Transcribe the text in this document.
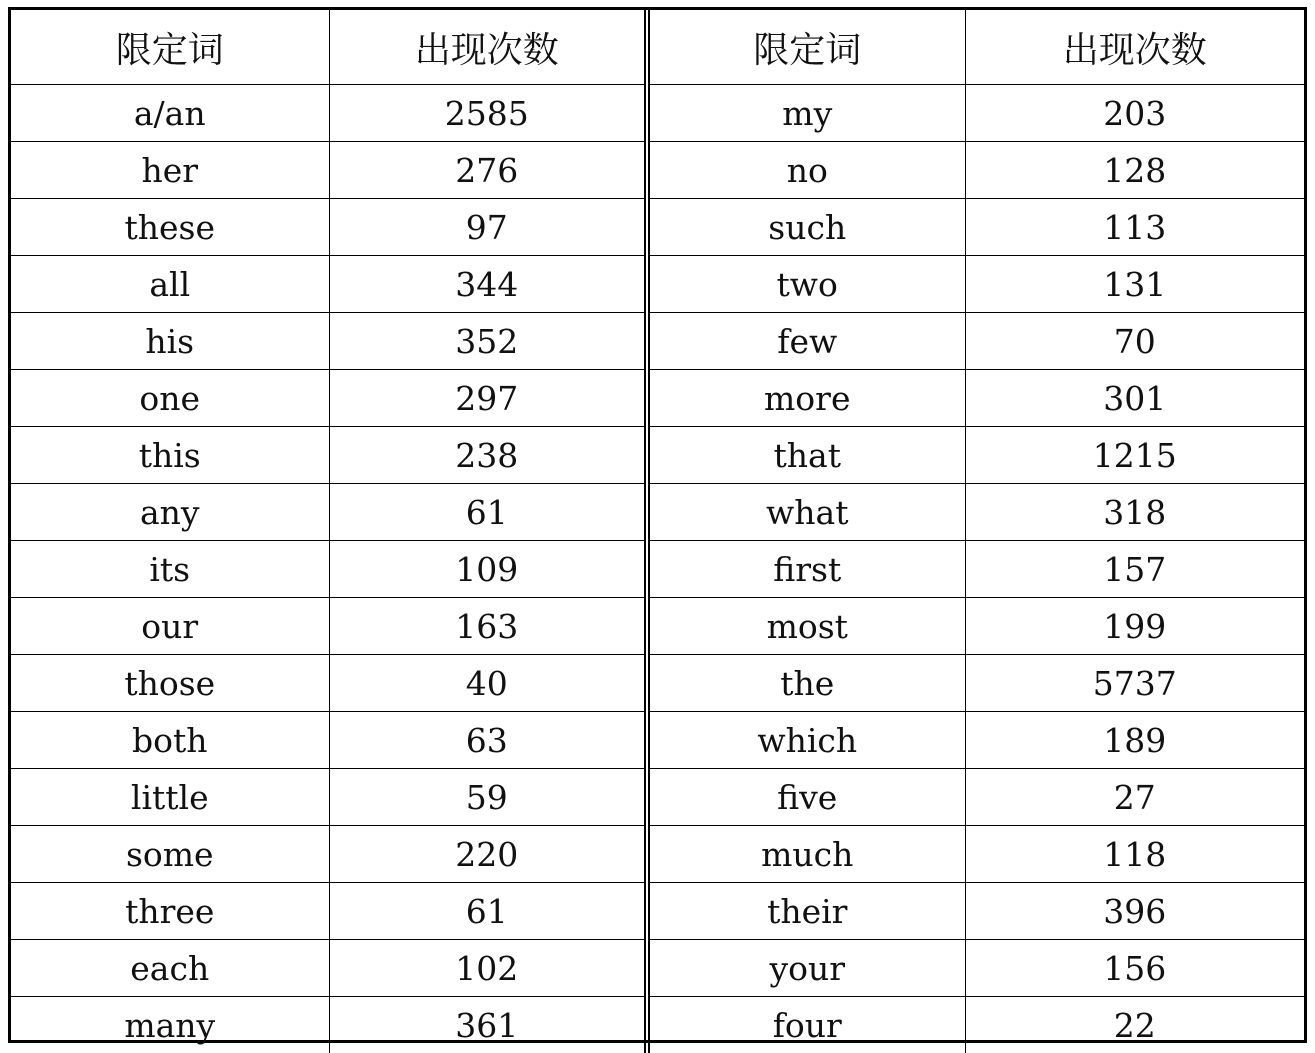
限定词	出现次数	限定词	出现次数
a/an	2585	my	203
her	276	no	128
these	97	such	113
all	344	two	131
his	352	few	70
one	297	more	301
this	238	that	1215
any	61	what	318
its	109	first	157
our	163	most	199
those	40	the	5737
both	63	which	189
little	59	five	27
some	220	much	118
three	61	their	396
each	102	your	156
many	361	four	22
